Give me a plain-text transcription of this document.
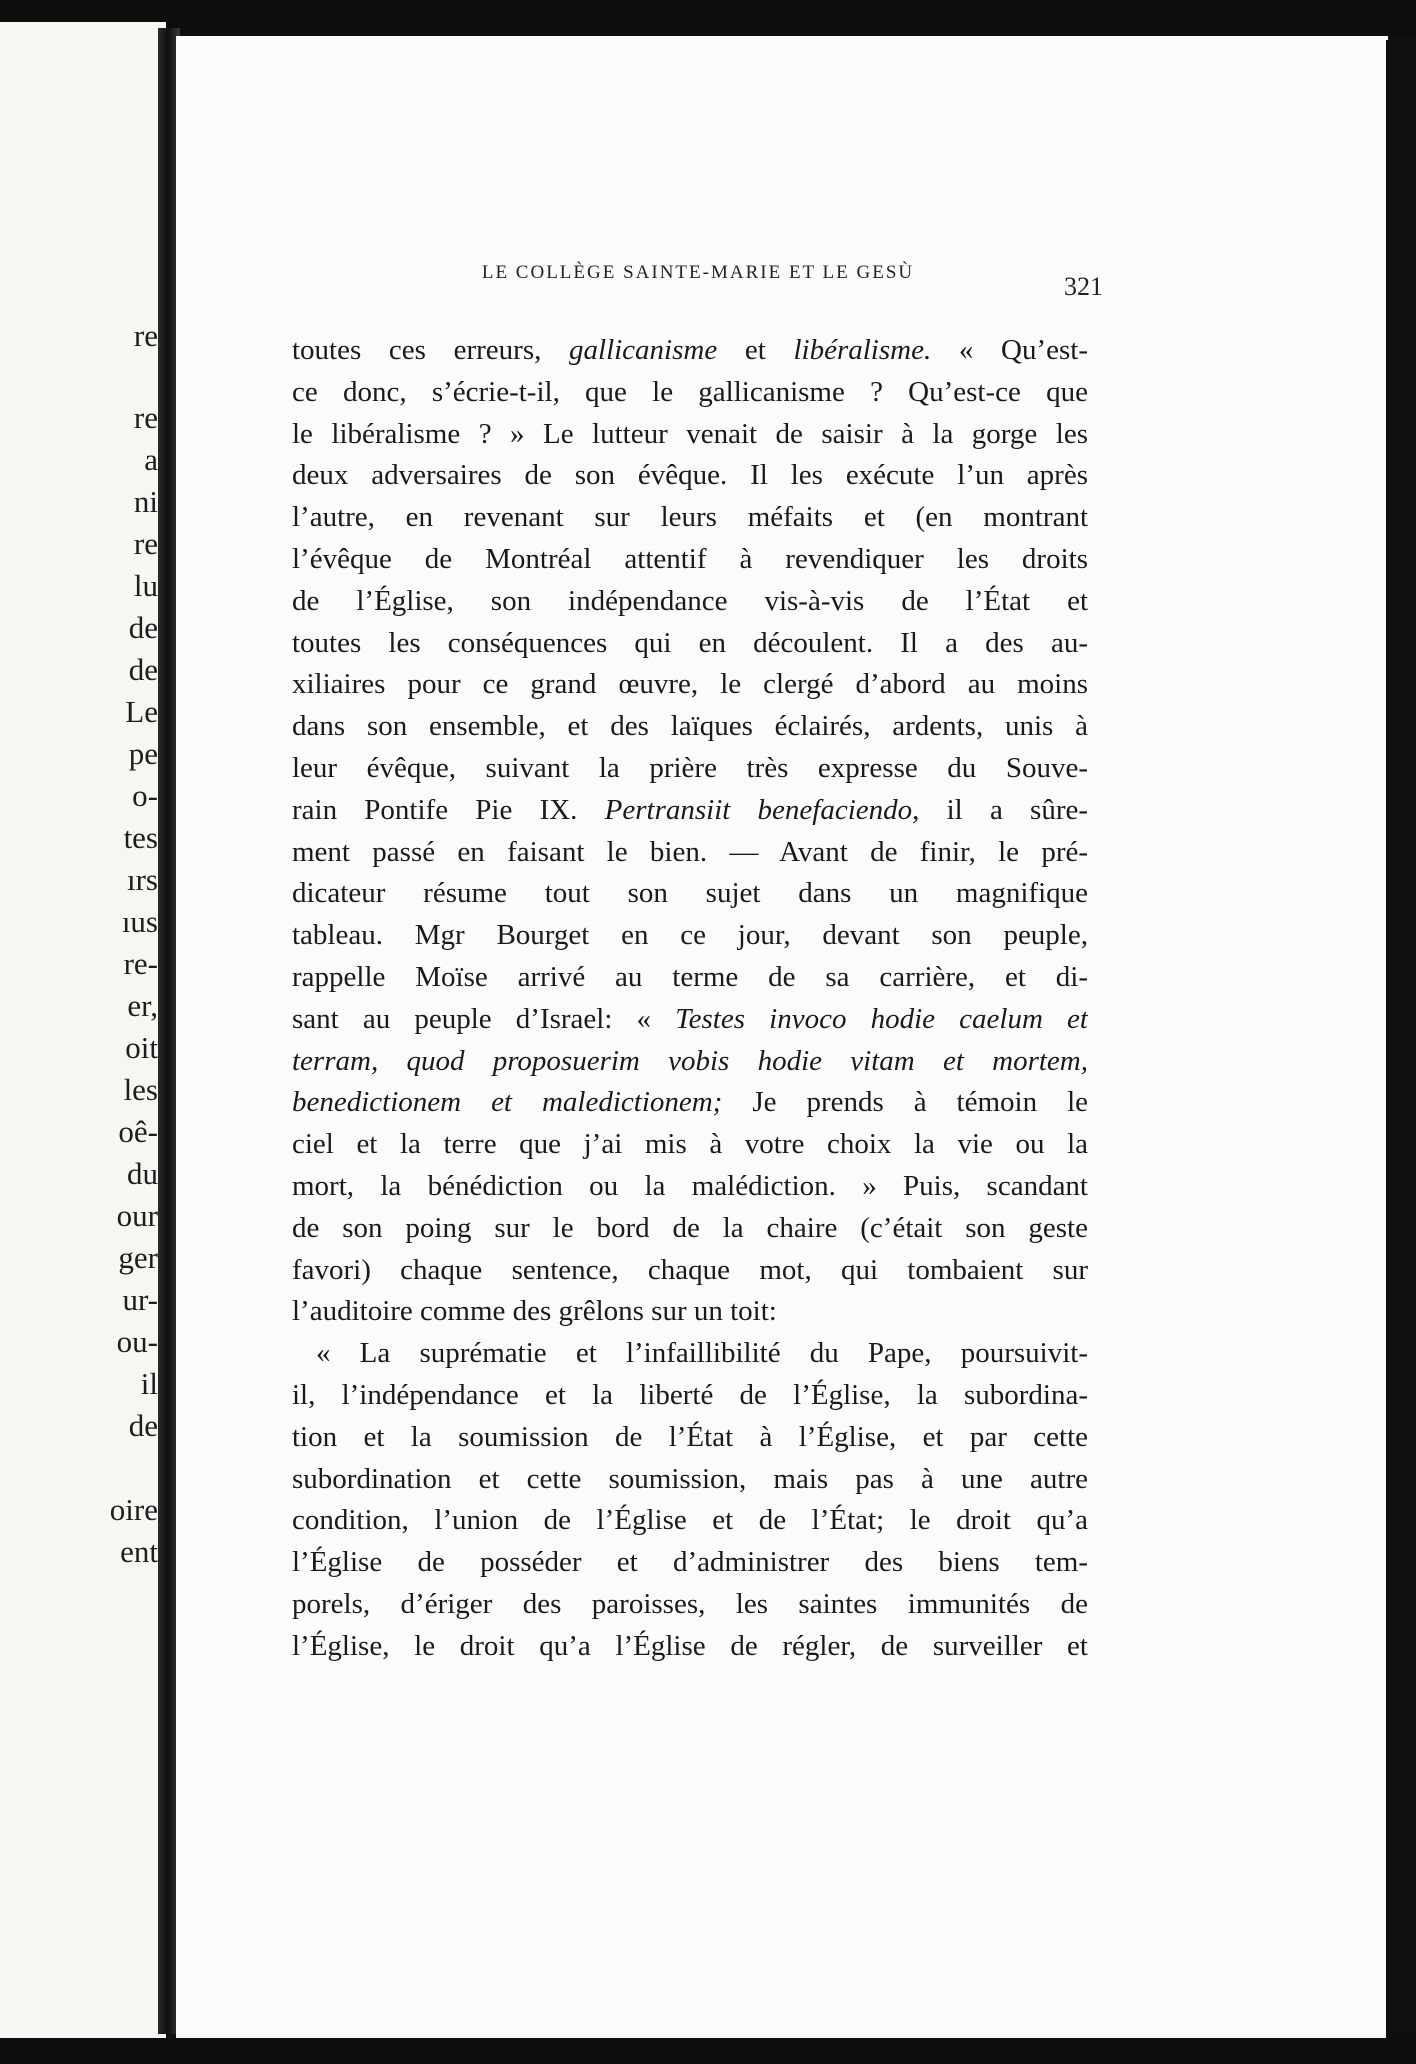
re
re
a
ni
re
lu
de
de
Le
pe
o-
tes
ırs
ıus
re-
er,
oit
les
oê-
du
our
ger
ur-
ou-
il
de
oire
ent
LE COLLÈGE SAINTE-MARIE ET LE GESÙ	321
toutes ces erreurs, gallicanisme et libéralisme. « Qu’est-
ce donc, s’écrie-t-il, que le gallicanisme ? Qu’est-ce que
le libéralisme ? » Le lutteur venait de saisir à la gorge les
deux adversaires de son évêque. Il les exécute l’un après
l’autre, en revenant sur leurs méfaits et (en montrant
l’évêque de Montréal attentif à revendiquer les droits
de l’Église, son indépendance vis-à-vis de l’État et
toutes les conséquences qui en découlent. Il a des au-
xiliaires pour ce grand œuvre, le clergé d’abord au moins
dans son ensemble, et des laïques éclairés, ardents, unis à
leur évêque, suivant la prière très expresse du Souve-
rain Pontife Pie IX. Pertransiit benefaciendo, il a sûre-
ment passé en faisant le bien. — Avant de finir, le pré-
dicateur résume tout son sujet dans un magnifique
tableau. Mgr Bourget en ce jour, devant son peuple,
rappelle Moïse arrivé au terme de sa carrière, et di-
sant au peuple d’Israel: « Testes invoco hodie caelum et
terram, quod proposuerim vobis hodie vitam et mortem,
benedictionem et maledictionem; Je prends à témoin le
ciel et la terre que j’ai mis à votre choix la vie ou la
mort, la bénédiction ou la malédiction. » Puis, scandant
de son poing sur le bord de la chaire (c’était son geste
favori) chaque sentence, chaque mot, qui tombaient sur
l’auditoire comme des grêlons sur un toit:
« La suprématie et l’infaillibilité du Pape, poursuivit-
il, l’indépendance et la liberté de l’Église, la subordina-
tion et la soumission de l’État à l’Église, et par cette
subordination et cette soumission, mais pas à une autre
condition, l’union de l’Église et de l’État; le droit qu’a
l’Église de posséder et d’administrer des biens tem-
porels, d’ériger des paroisses, les saintes immunités de
l’Église, le droit qu’a l’Église de régler, de surveiller et
